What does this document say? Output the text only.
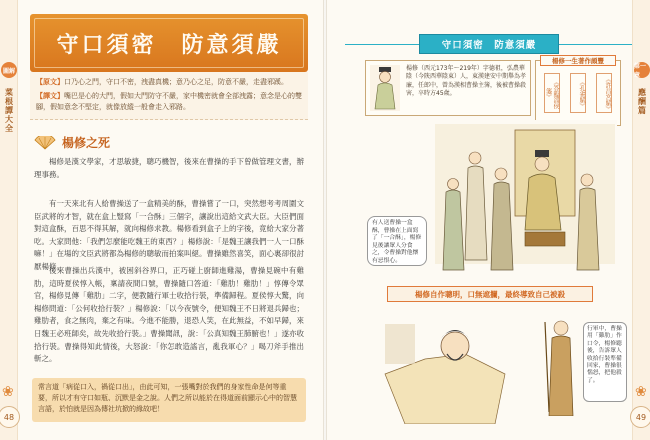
圖解
菜根譚大全
❀
48
守口須密　防意須嚴
【原文】口乃心之門，守口不密，洩盡真機；意乃心之足，防意不嚴，走盡邪蹊。
【譯文】嘴巴是心的大門，假如大門防守不嚴，家中機密就會全部洩露；意念是心的雙腳，假如意念不堅定，就像放縱一般會走入邪路。
楊修之死

楊修是漢文學家，才思敏捷，聰巧機智，後來在曹操的手下曾做管理文書，辦理事務。

有一天來北有人給曹操送了一盒精美的酥，曹操嘗了一口，突然想考考周圍文臣武將的才智，就在盒上豎寫「一合酥」三個字，讓說出這給文武大臣。大臣們面對這盒酥，百思不得其解，就向楊修求教。楊修看到盒子上的字後，竟給大家分著吃。大家問他：「我們怎麼能吃魏王的東西？」楊修說：「是魏王讓我們一人一口酥嘛！」在場的文臣武將都為楊修的聰敏而拍案叫絕。曹操雖然喜笑，面心裏卻很討厭楊修。

後來曹操出兵漢中，被困斜谷界口，正巧碰上廚師進雞湯，曹操見碗中有雞肋，這時夏侯惇入帳，稟請夜間口號，曹操隨口答道：「雞肋！雞肋！」惇傳令眾官，楊修見傳「雞肋」二字，便教隨行軍士收拾行裝，準備歸程。夏侯惇大驚，向楊修問道：「公何收拾行裝？」楊修說：「以今夜號令，便知魏王不日將退兵歸也；雞肋者，食之無肉，棄之有味。今進不能勝，退恐人笑，在此無益，不如早歸，來日魏王必班師矣，故先收拾行裝。」曹操聞訊，說：「公真知魏王肺腑也！」遂亦收拾行裝。曹操得知此情後，大怒說：「你怎敢造謠言，亂我軍心？」喝刀斧手推出斬之。

常言道「病從口入，禍從口出」，由此可知，一張嘴對於我們的身家性命是何等重要，所以才有守口如瓶、沉默是金之說。人們之所以能於在得道面前顯示心中的智慧言語，於怕就是因為傳社坑掀的緣故吧！
守口須密　防意須嚴
楊修（西元173年～219年）字德祖，弘農華陰（今陝西華陰東）人，東漢建安中期舉為孝廉，任郎中，曾為漢相曹操主簿，後被曹操殺害，卒時方45歲。
楊修一生著作頗豐
《答臨淄侯箋》	《孔雀賦》	《許昌宮賦》
有人送曹操一盒酥，曹操在上面寫了「一合酥」，楊修見後讓眾人分食之，令曹操對他懷有忌恨心。
楊修自作聰明，口無遮攔，最終導致自己被殺
行軍中，曹操用「雞肋」作口令，楊修聽後，告訴眾人收拾行裝準備回家，曹操很惱怒，把他殺了。
第一章
應酬篇
❀
49
